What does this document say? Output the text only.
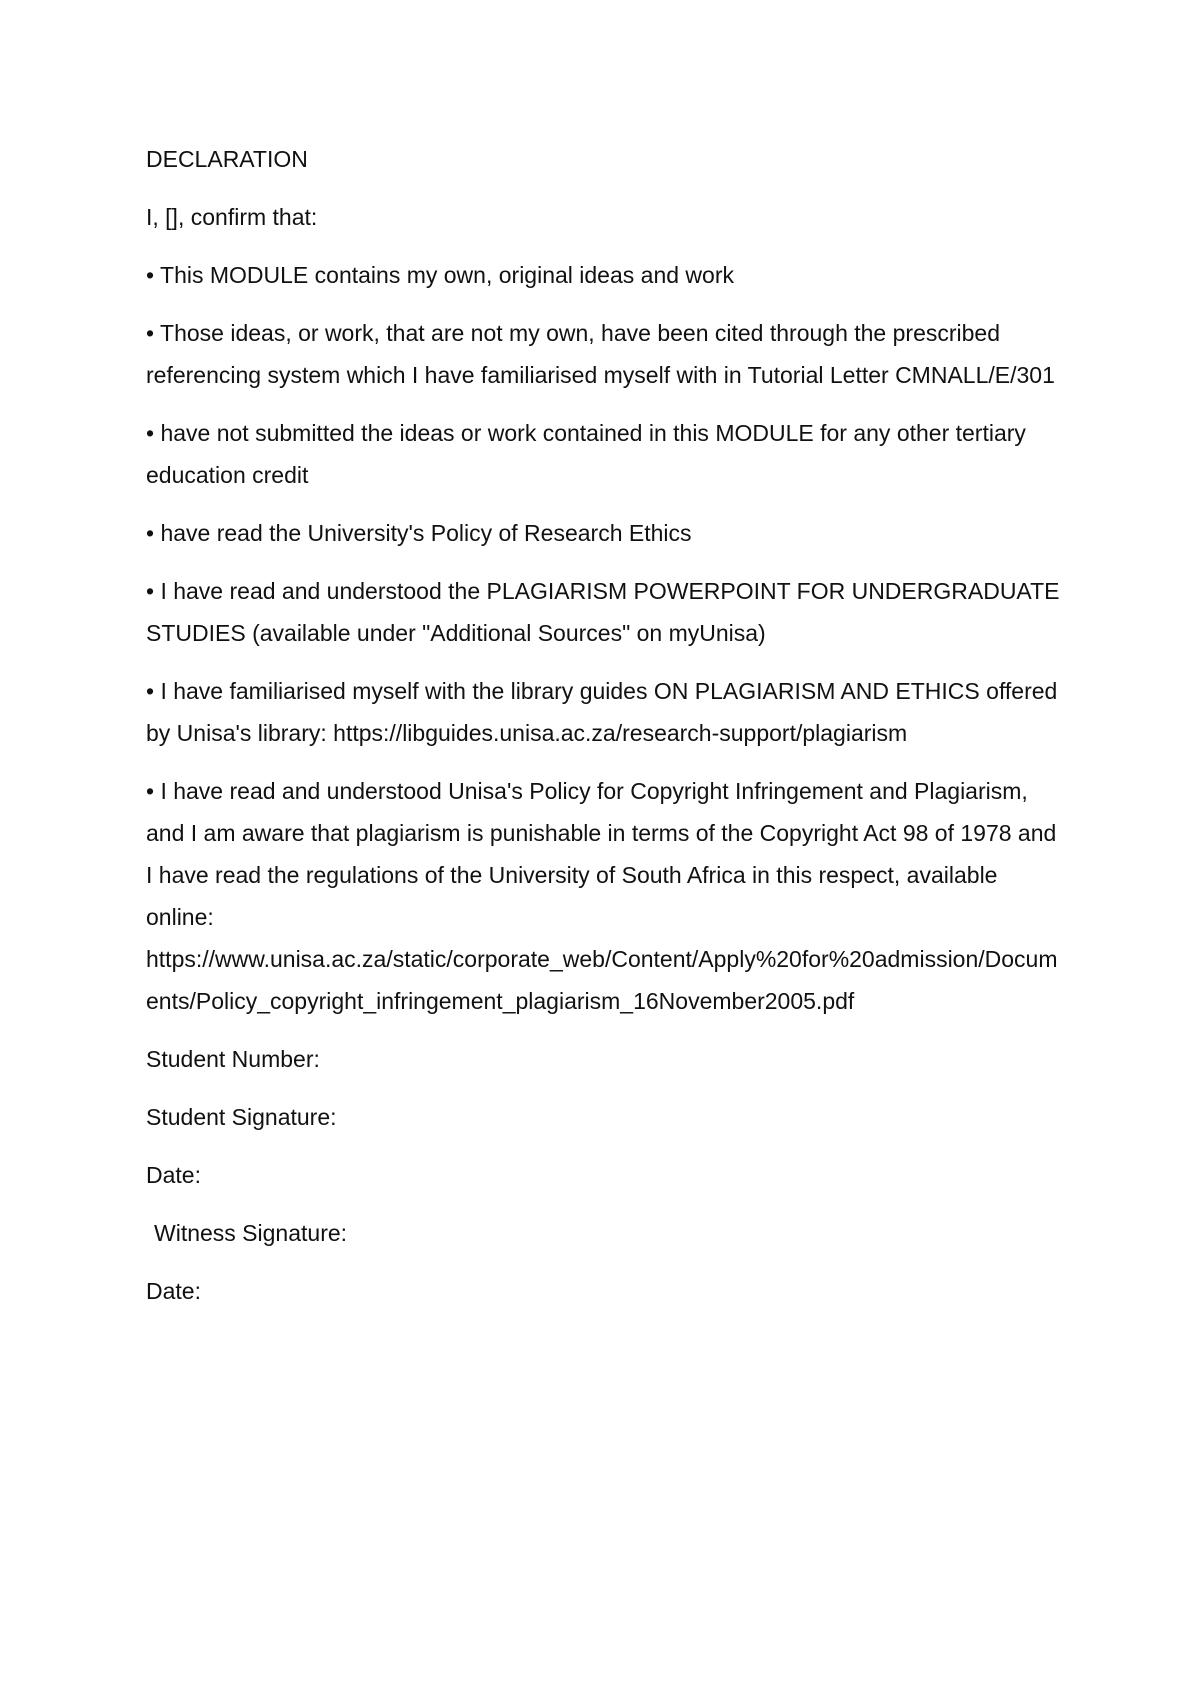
DECLARATION

I, [], confirm that:

• This MODULE contains my own, original ideas and work

• Those ideas, or work, that are not my own, have been cited through the prescribed referencing system which I have familiarised myself with in Tutorial Letter CMNALL/E/301

• have not submitted the ideas or work contained in this MODULE for any other tertiary education credit

• have read the University's Policy of Research Ethics

• I have read and understood the PLAGIARISM POWERPOINT FOR UNDERGRADUATE STUDIES (available under "Additional Sources" on myUnisa)

• I have familiarised myself with the library guides ON PLAGIARISM AND ETHICS offered by Unisa's library: https://libguides.unisa.ac.za/research-support/plagiarism

• I have read and understood Unisa's Policy for Copyright Infringement and Plagiarism, and I am aware that plagiarism is punishable in terms of the Copyright Act 98 of 1978 and I have read the regulations of the University of South Africa in this respect, available online:
https://www.unisa.ac.za/static/corporate_web/Content/Apply%20for%20admission/Documents/Policy_copyright_infringement_plagiarism_16November2005.pdf

Student Number:

Student Signature:

Date:

Witness Signature:

Date:
